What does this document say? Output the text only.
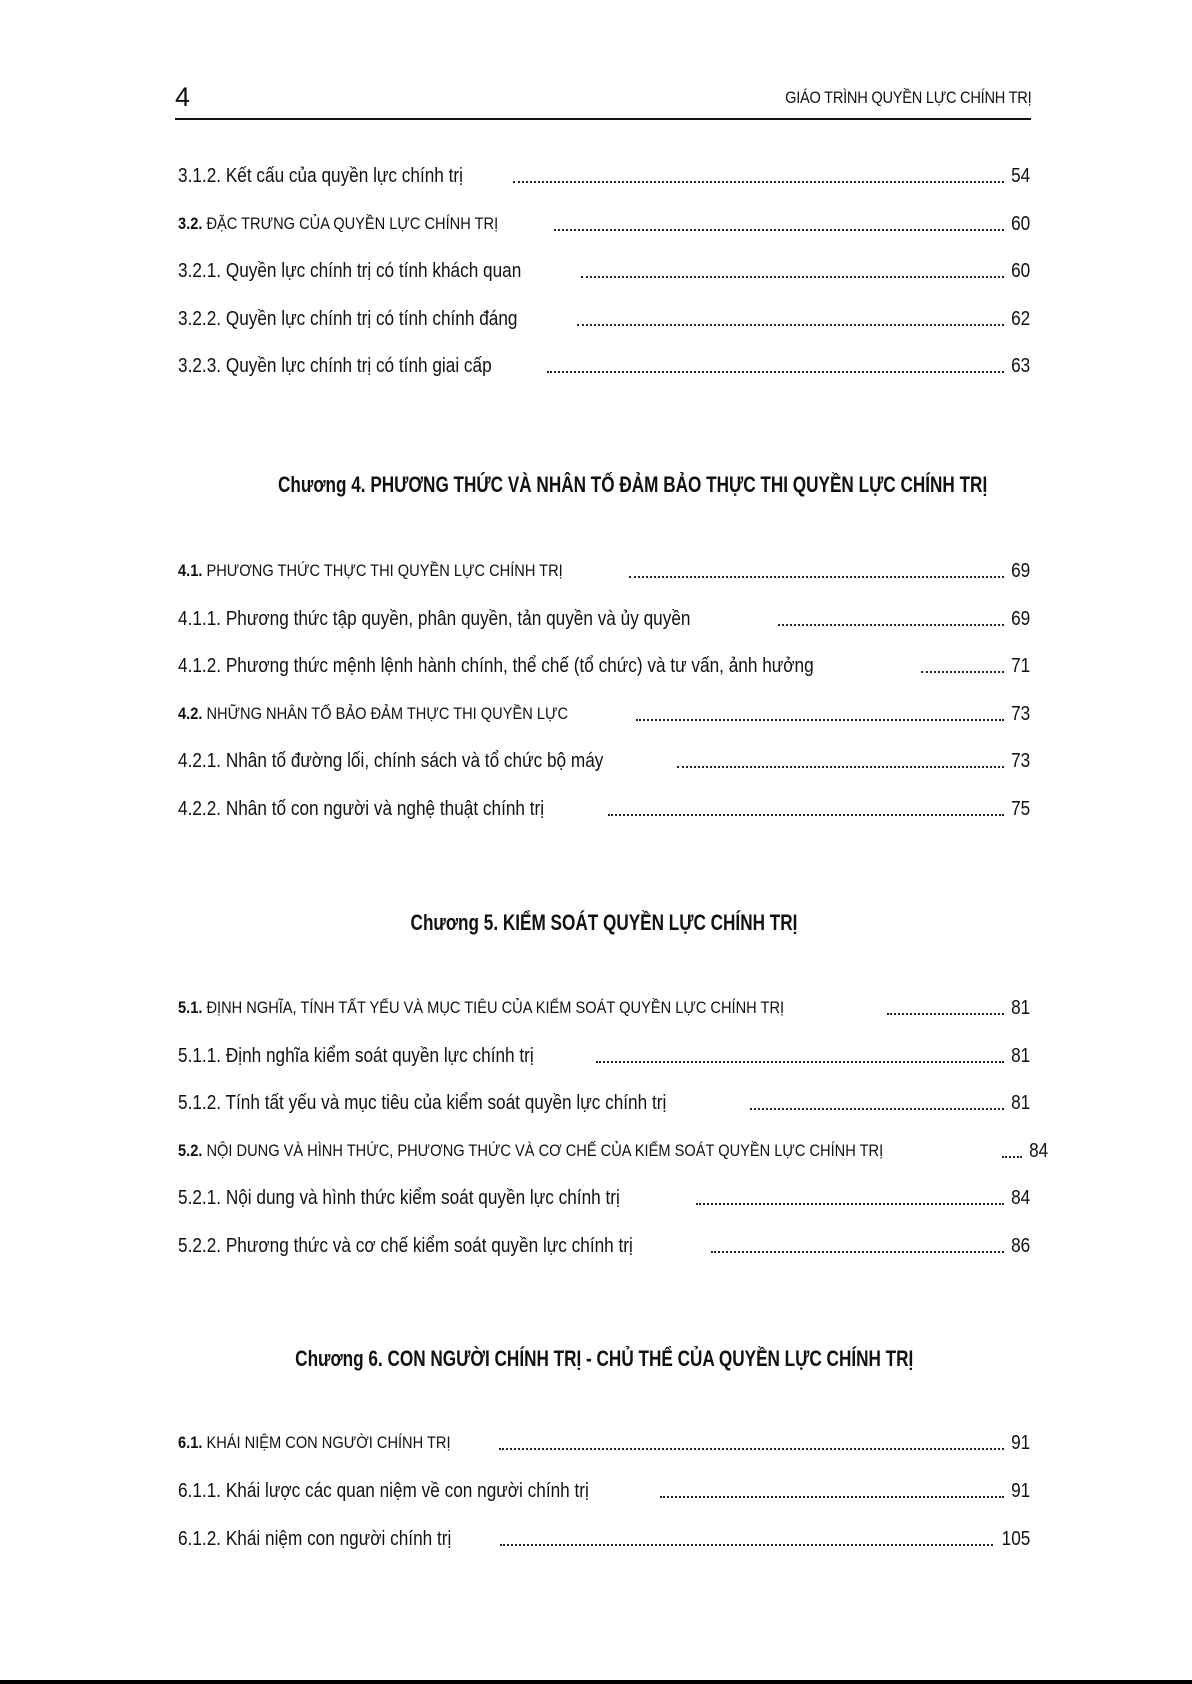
4	GIÁO TRÌNH QUYỀN LỰC CHÍNH TRỊ
3.1.2. Kết cấu của quyền lực chính trị	54
3.2. ĐẶC TRƯNG CỦA QUYỀN LỰC CHÍNH TRỊ	60
3.2.1. Quyền lực chính trị có tính khách quan	60
3.2.2. Quyền lực chính trị có tính chính đáng	62
3.2.3. Quyền lực chính trị có tính giai cấp	63
Chương 4. PHƯƠNG THỨC VÀ NHÂN TỐ ĐẢM BẢO THỰC THI QUYỀN LỰC CHÍNH TRỊ
4.1. PHƯƠNG THỨC THỰC THI QUYỀN LỰC CHÍNH TRỊ	69
4.1.1. Phương thức tập quyền, phân quyền, tản quyền và ủy quyền	69
4.1.2. Phương thức mệnh lệnh hành chính, thể chế (tổ chức) và tư vấn, ảnh hưởng	71
4.2. NHỮNG NHÂN TỐ BẢO ĐẢM THỰC THI QUYỀN LỰC	73
4.2.1. Nhân tố đường lối, chính sách và tổ chức bộ máy	73
4.2.2. Nhân tố con người và nghệ thuật chính trị	75
Chương 5. KIỂM SOÁT QUYỀN LỰC CHÍNH TRỊ
5.1. ĐỊNH NGHĨA, TÍNH TẤT YẾU VÀ MỤC TIÊU CỦA KIỂM SOÁT QUYỀN LỰC CHÍNH TRỊ	81
5.1.1. Định nghĩa kiểm soát quyền lực chính trị	81
5.1.2. Tính tất yếu và mục tiêu của kiểm soát quyền lực chính trị	81
5.2. NỘI DUNG VÀ HÌNH THỨC, PHƯƠNG THỨC VÀ CƠ CHẾ CỦA KIỂM SOÁT QUYỀN LỰC CHÍNH TRỊ	84
5.2.1. Nội dung và hình thức kiểm soát quyền lực chính trị	84
5.2.2. Phương thức và cơ chế kiểm soát quyền lực chính trị	86
Chương 6. CON NGƯỜI CHÍNH TRỊ - CHỦ THỂ CỦA QUYỀN LỰC CHÍNH TRỊ
6.1. KHÁI NIỆM CON NGƯỜI CHÍNH TRỊ	91
6.1.1. Khái lược các quan niệm về con người chính trị	91
6.1.2. Khái niệm con người chính trị	105
